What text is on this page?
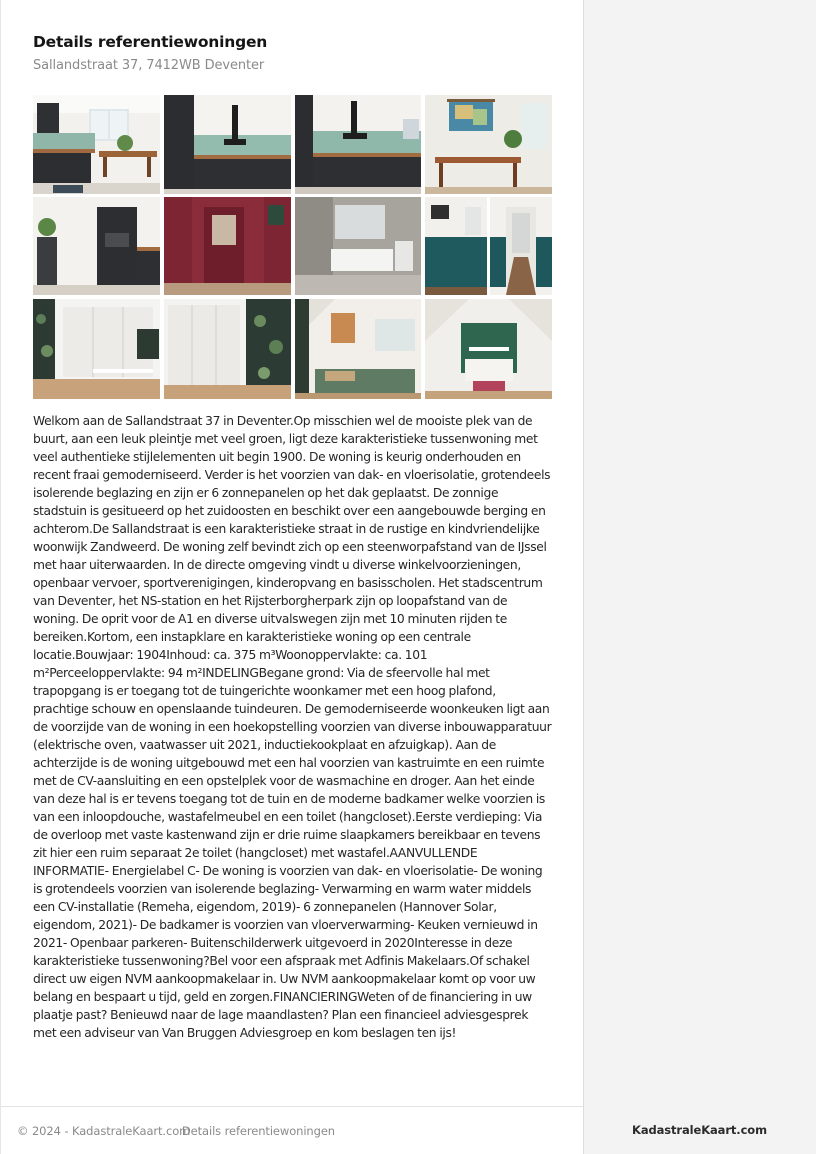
Details referentiewoningen
Sallandstraat 37, 7412WB Deventer

Welkom aan de Sallandstraat 37 in Deventer.Op misschien wel de mooiste plek van de buurt, aan een leuk pleintje met veel groen, ligt deze karakteristieke tussenwoning met veel authentieke stijlelementen uit begin 1900. De woning is keurig onderhouden en recent fraai gemoderniseerd. Verder is het voorzien van dak- en vloerisolatie, grotendeels isolerende beglazing en zijn er 6 zonnepanelen op het dak geplaatst. De zonnige stadstuin is gesitueerd op het zuidoosten en beschikt over een aangebouwde berging en achterom.De Sallandstraat is een karakteristieke straat in de rustige en kindvriendelijke woonwijk Zandweerd. De woning zelf bevindt zich op een steenworpafstand van de IJssel met haar uiterwaarden. In de directe omgeving vindt u diverse winkelvoorzieningen, openbaar vervoer, sportverenigingen, kinderopvang en basisscholen. Het stadscentrum van Deventer, het NS-station en het Rijsterborgherpark zijn op loopafstand van de woning. De oprit voor de A1 en diverse uitvalswegen zijn met 10 minuten rijden te bereiken.Kortom, een instapklare en karakteristieke woning op een centrale locatie.Bouwjaar: 1904Inhoud: ca. 375 m³Woonoppervlakte: ca. 101 m²Perceeloppervlakte: 94 m²INDELINGBegane grond: Via de sfeervolle hal met trapopgang is er toegang tot de tuingerichte woonkamer met een hoog plafond, prachtige schouw en openslaande tuindeuren. De gemoderniseerde woonkeuken ligt aan de voorzijde van de woning in een hoekopstelling voorzien van diverse inbouwapparatuur (elektrische oven, vaatwasser uit 2021, inductiekookplaat en afzuigkap). Aan de achterzijde is de woning uitgebouwd met een hal voorzien van kastruimte en een ruimte met de CV-aansluiting en een opstelplek voor de wasmachine en droger. Aan het einde van deze hal is er tevens toegang tot de tuin en de moderne badkamer welke voorzien is van een inloopdouche, wastafelmeubel en een toilet (hangcloset).Eerste verdieping: Via de overloop met vaste kastenwand zijn er drie ruime slaapkamers bereikbaar en tevens zit hier een ruim separaat 2e toilet (hangcloset) met wastafel.AANVULLENDE INFORMATIE- Energielabel C- De woning is voorzien van dak- en vloerisolatie- De woning is grotendeels voorzien van isolerende beglazing- Verwarming en warm water middels een CV-installatie (Remeha, eigendom, 2019)- 6 zonnepanelen (Hannover Solar, eigendom, 2021)- De badkamer is voorzien van vloerverwarming- Keuken vernieuwd in 2021- Openbaar parkeren- Buitenschilderwerk uitgevoerd in 2020Interesse in deze karakteristieke tussenwoning?Bel voor een afspraak met Adfinis Makelaars.Of schakel direct uw eigen NVM aankoopmakelaar in. Uw NVM aankoopmakelaar komt op voor uw belang en bespaart u tijd, geld en zorgen.FINANCIERINGWeten of de financiering in uw plaatje past? Benieuwd naar de lage maandlasten? Plan een financieel adviesgesprek met een adviseur van Van Bruggen Adviesgroep en kom beslagen ten ijs!

© 2024 - KadastraleKaart.com
Details referentiewoningen	KadastraleKaart.com
